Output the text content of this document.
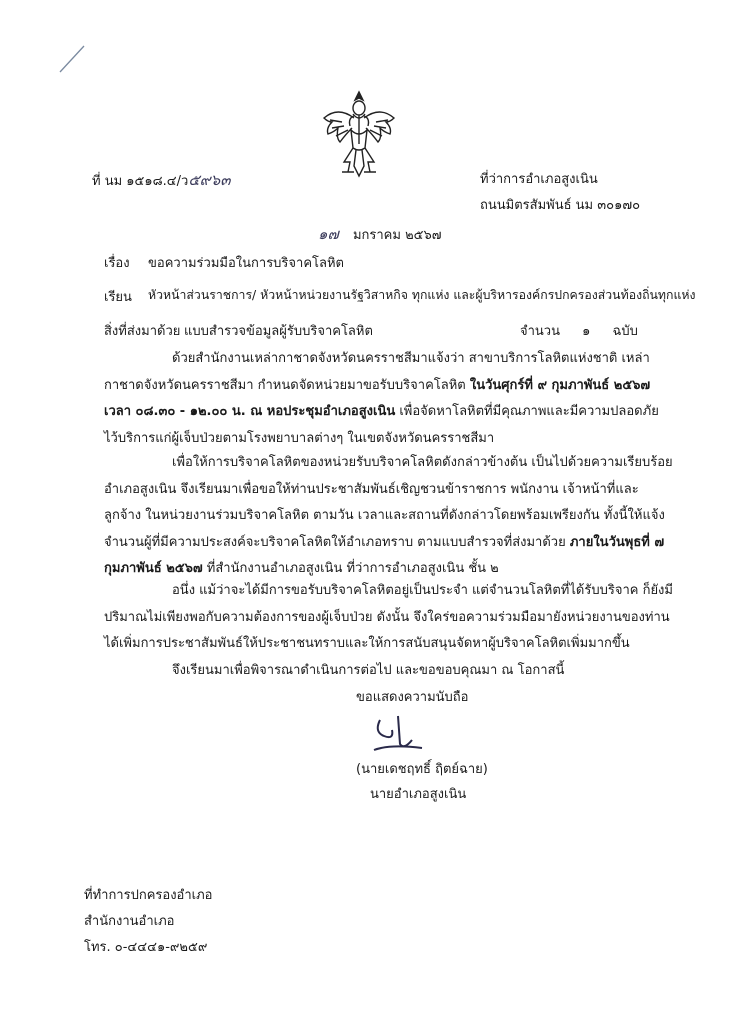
ที่ นม ๑๕๑๘.๔/ว๕๙๖๓	ที่ว่าการอำเภอสูงเนิน
ถนนมิตรสัมพันธ์ นม ๓๐๑๗๐
๑๗ มกราคม ๒๕๖๗
เรื่อง ขอความร่วมมือในการบริจาคโลหิต
เรียน หัวหน้าส่วนราชการ/ หัวหน้าหน่วยงานรัฐวิสาหกิจ ทุกแห่ง และผู้บริหารองค์กรปกครองส่วนท้องถิ่นทุกแห่ง
สิ่งที่ส่งมาด้วย แบบสำรวจข้อมูลผู้รับบริจาคโลหิต	จำนวน ๑ ฉบับ
ด้วยสำนักงานเหล่ากาชาดจังหวัดนครราชสีมาแจ้งว่า สาขาบริการโลหิตแห่งชาติ เหล่ากาชาดจังหวัดนครราชสีมา กำหนดจัดหน่วยมาขอรับบริจาคโลหิต ในวันศุกร์ที่ ๙ กุมภาพันธ์ ๒๕๖๗ เวลา ๐๘.๓๐ - ๑๒.๐๐ น. ณ หอประชุมอำเภอสูงเนิน เพื่อจัดหาโลหิตที่มีคุณภาพและมีความปลอดภัย ไว้บริการแก่ผู้เจ็บป่วยตามโรงพยาบาลต่างๆ ในเขตจังหวัดนครราชสีมา
เพื่อให้การบริจาคโลหิตของหน่วยรับบริจาคโลหิตดังกล่าวข้างต้น เป็นไปด้วยความเรียบร้อย อำเภอสูงเนิน จึงเรียนมาเพื่อขอให้ท่านประชาสัมพันธ์เชิญชวนข้าราชการ พนักงาน เจ้าหน้าที่และลูกจ้าง ในหน่วยงานร่วมบริจาคโลหิต ตามวัน เวลาและสถานที่ดังกล่าวโดยพร้อมเพรียงกัน ทั้งนี้ให้แจ้งจำนวนผู้ที่มีความประสงค์จะบริจาคโลหิตให้อำเภอทราบ ตามแบบสำรวจที่ส่งมาด้วย ภายในวันพุธที่ ๗ กุมภาพันธ์ ๒๕๖๗ ที่สำนักงานอำเภอสูงเนิน ที่ว่าการอำเภอสูงเนิน ชั้น ๒
อนึ่ง แม้ว่าจะได้มีการขอรับบริจาคโลหิตอยู่เป็นประจำ แต่จำนวนโลหิตที่ได้รับบริจาค ก็ยังมีปริมาณไม่เพียงพอกับความต้องการของผู้เจ็บป่วย ดังนั้น จึงใคร่ขอความร่วมมือมายังหน่วยงานของท่าน ได้เพิ่มการประชาสัมพันธ์ให้ประชาชนทราบและให้การสนับสนุนจัดหาผู้บริจาคโลหิตเพิ่มมากขึ้น
จึงเรียนมาเพื่อพิจารณาดำเนินการต่อไป และขอขอบคุณมา ณ โอกาสนี้
ขอแสดงความนับถือ
(นายเดชฤทธิ์ ฤิตย์ฉาย)
นายอำเภอสูงเนิน
ที่ทำการปกครองอำเภอ
สำนักงานอำเภอ
โทร. ๐-๔๔๔๑-๙๒๕๙
